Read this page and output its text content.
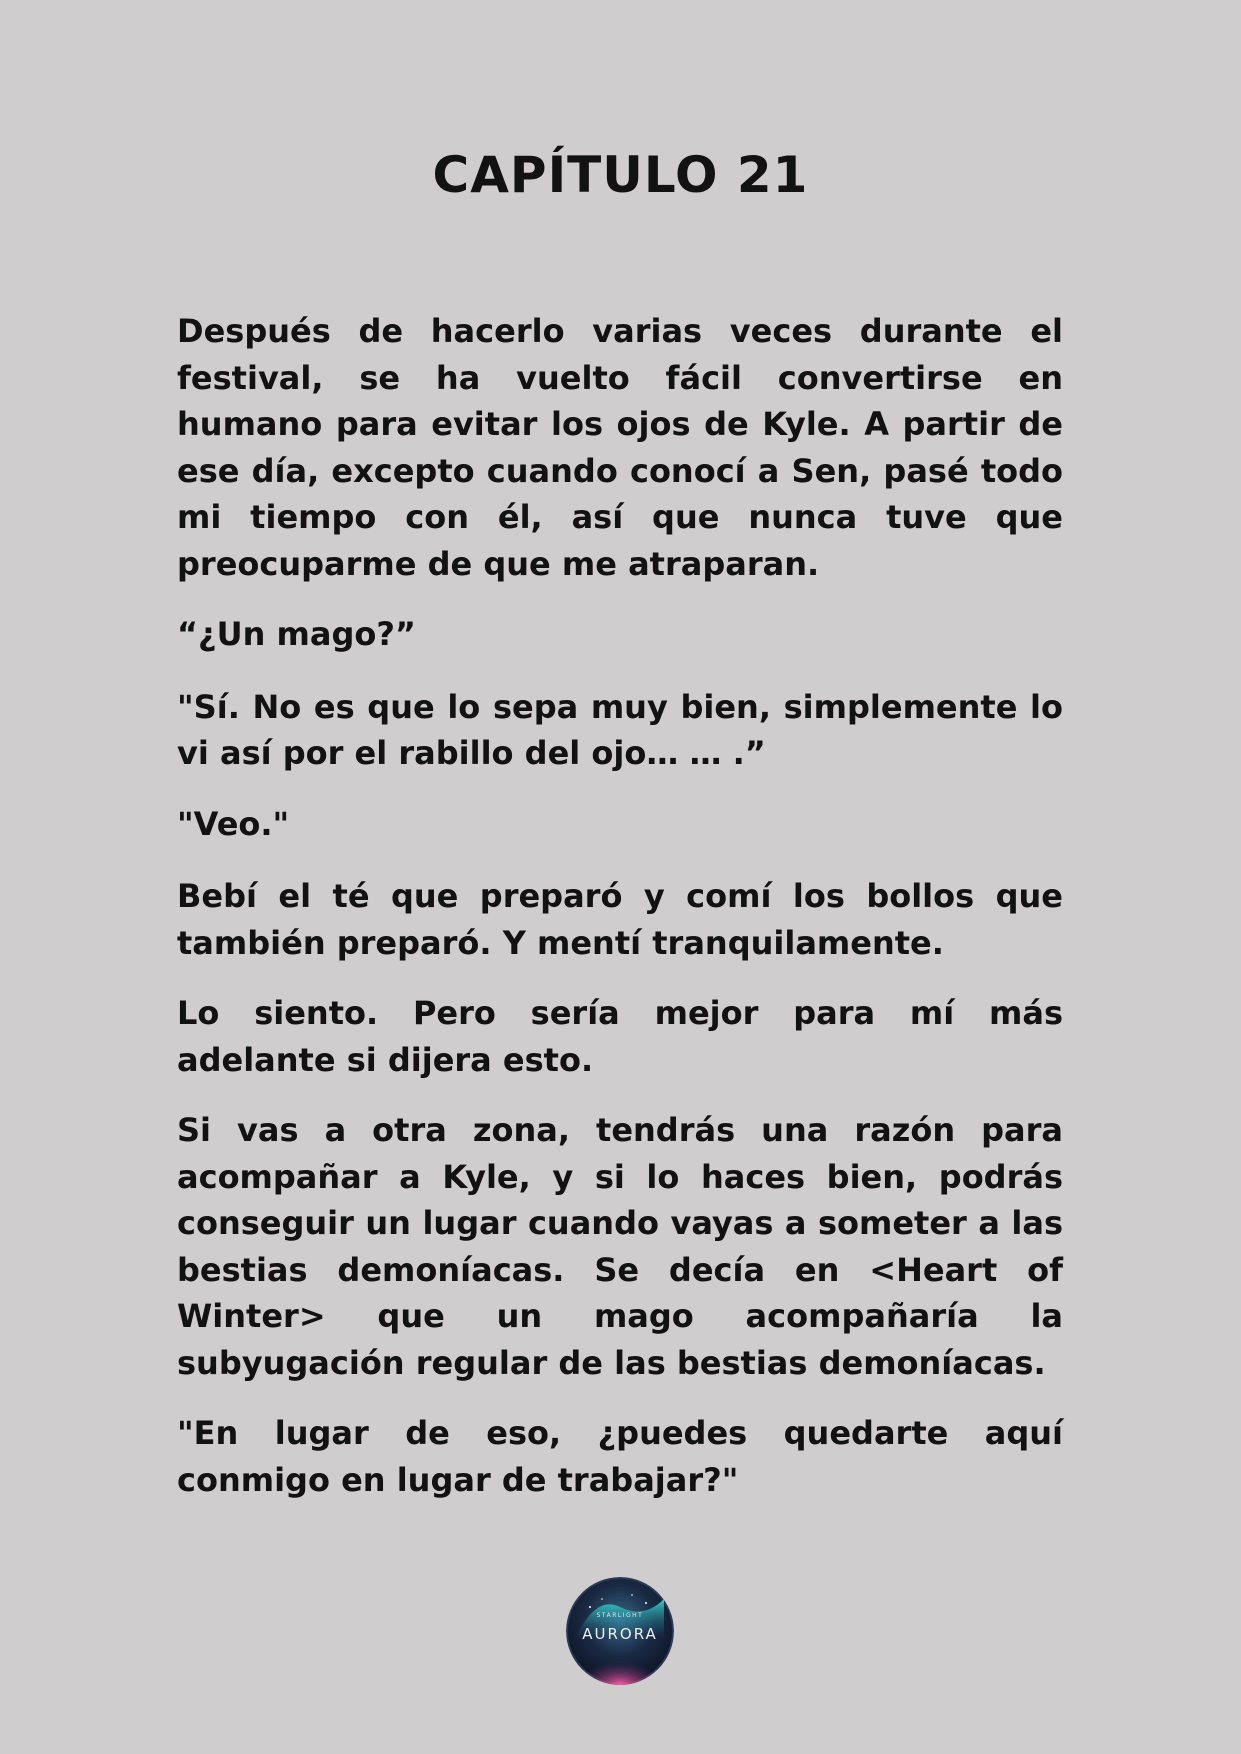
CAPÍTULO 21

Después de hacerlo varias veces durante el festival, se ha vuelto fácil convertirse en humano para evitar los ojos de Kyle. A partir de ese día, excepto cuando conocí a Sen, pasé todo mi tiempo con él, así que nunca tuve que preocuparme de que me atraparan.

“¿Un mago?”

"Sí. No es que lo sepa muy bien, simplemente lo vi así por el rabillo del ojo… … .”

"Veo."

Bebí el té que preparó y comí los bollos que también preparó. Y mentí tranquilamente.

Lo siento. Pero sería mejor para mí más adelante si dijera esto.

Si vas a otra zona, tendrás una razón para acompañar a Kyle, y si lo haces bien, podrás conseguir un lugar cuando vayas a someter a las bestias demoníacas. Se decía en <Heart of Winter> que un mago acompañaría la subyugación regular de las bestias demoníacas.

"En lugar de eso, ¿puedes quedarte aquí conmigo en lugar de trabajar?"

STARLIGHT
AURORA
